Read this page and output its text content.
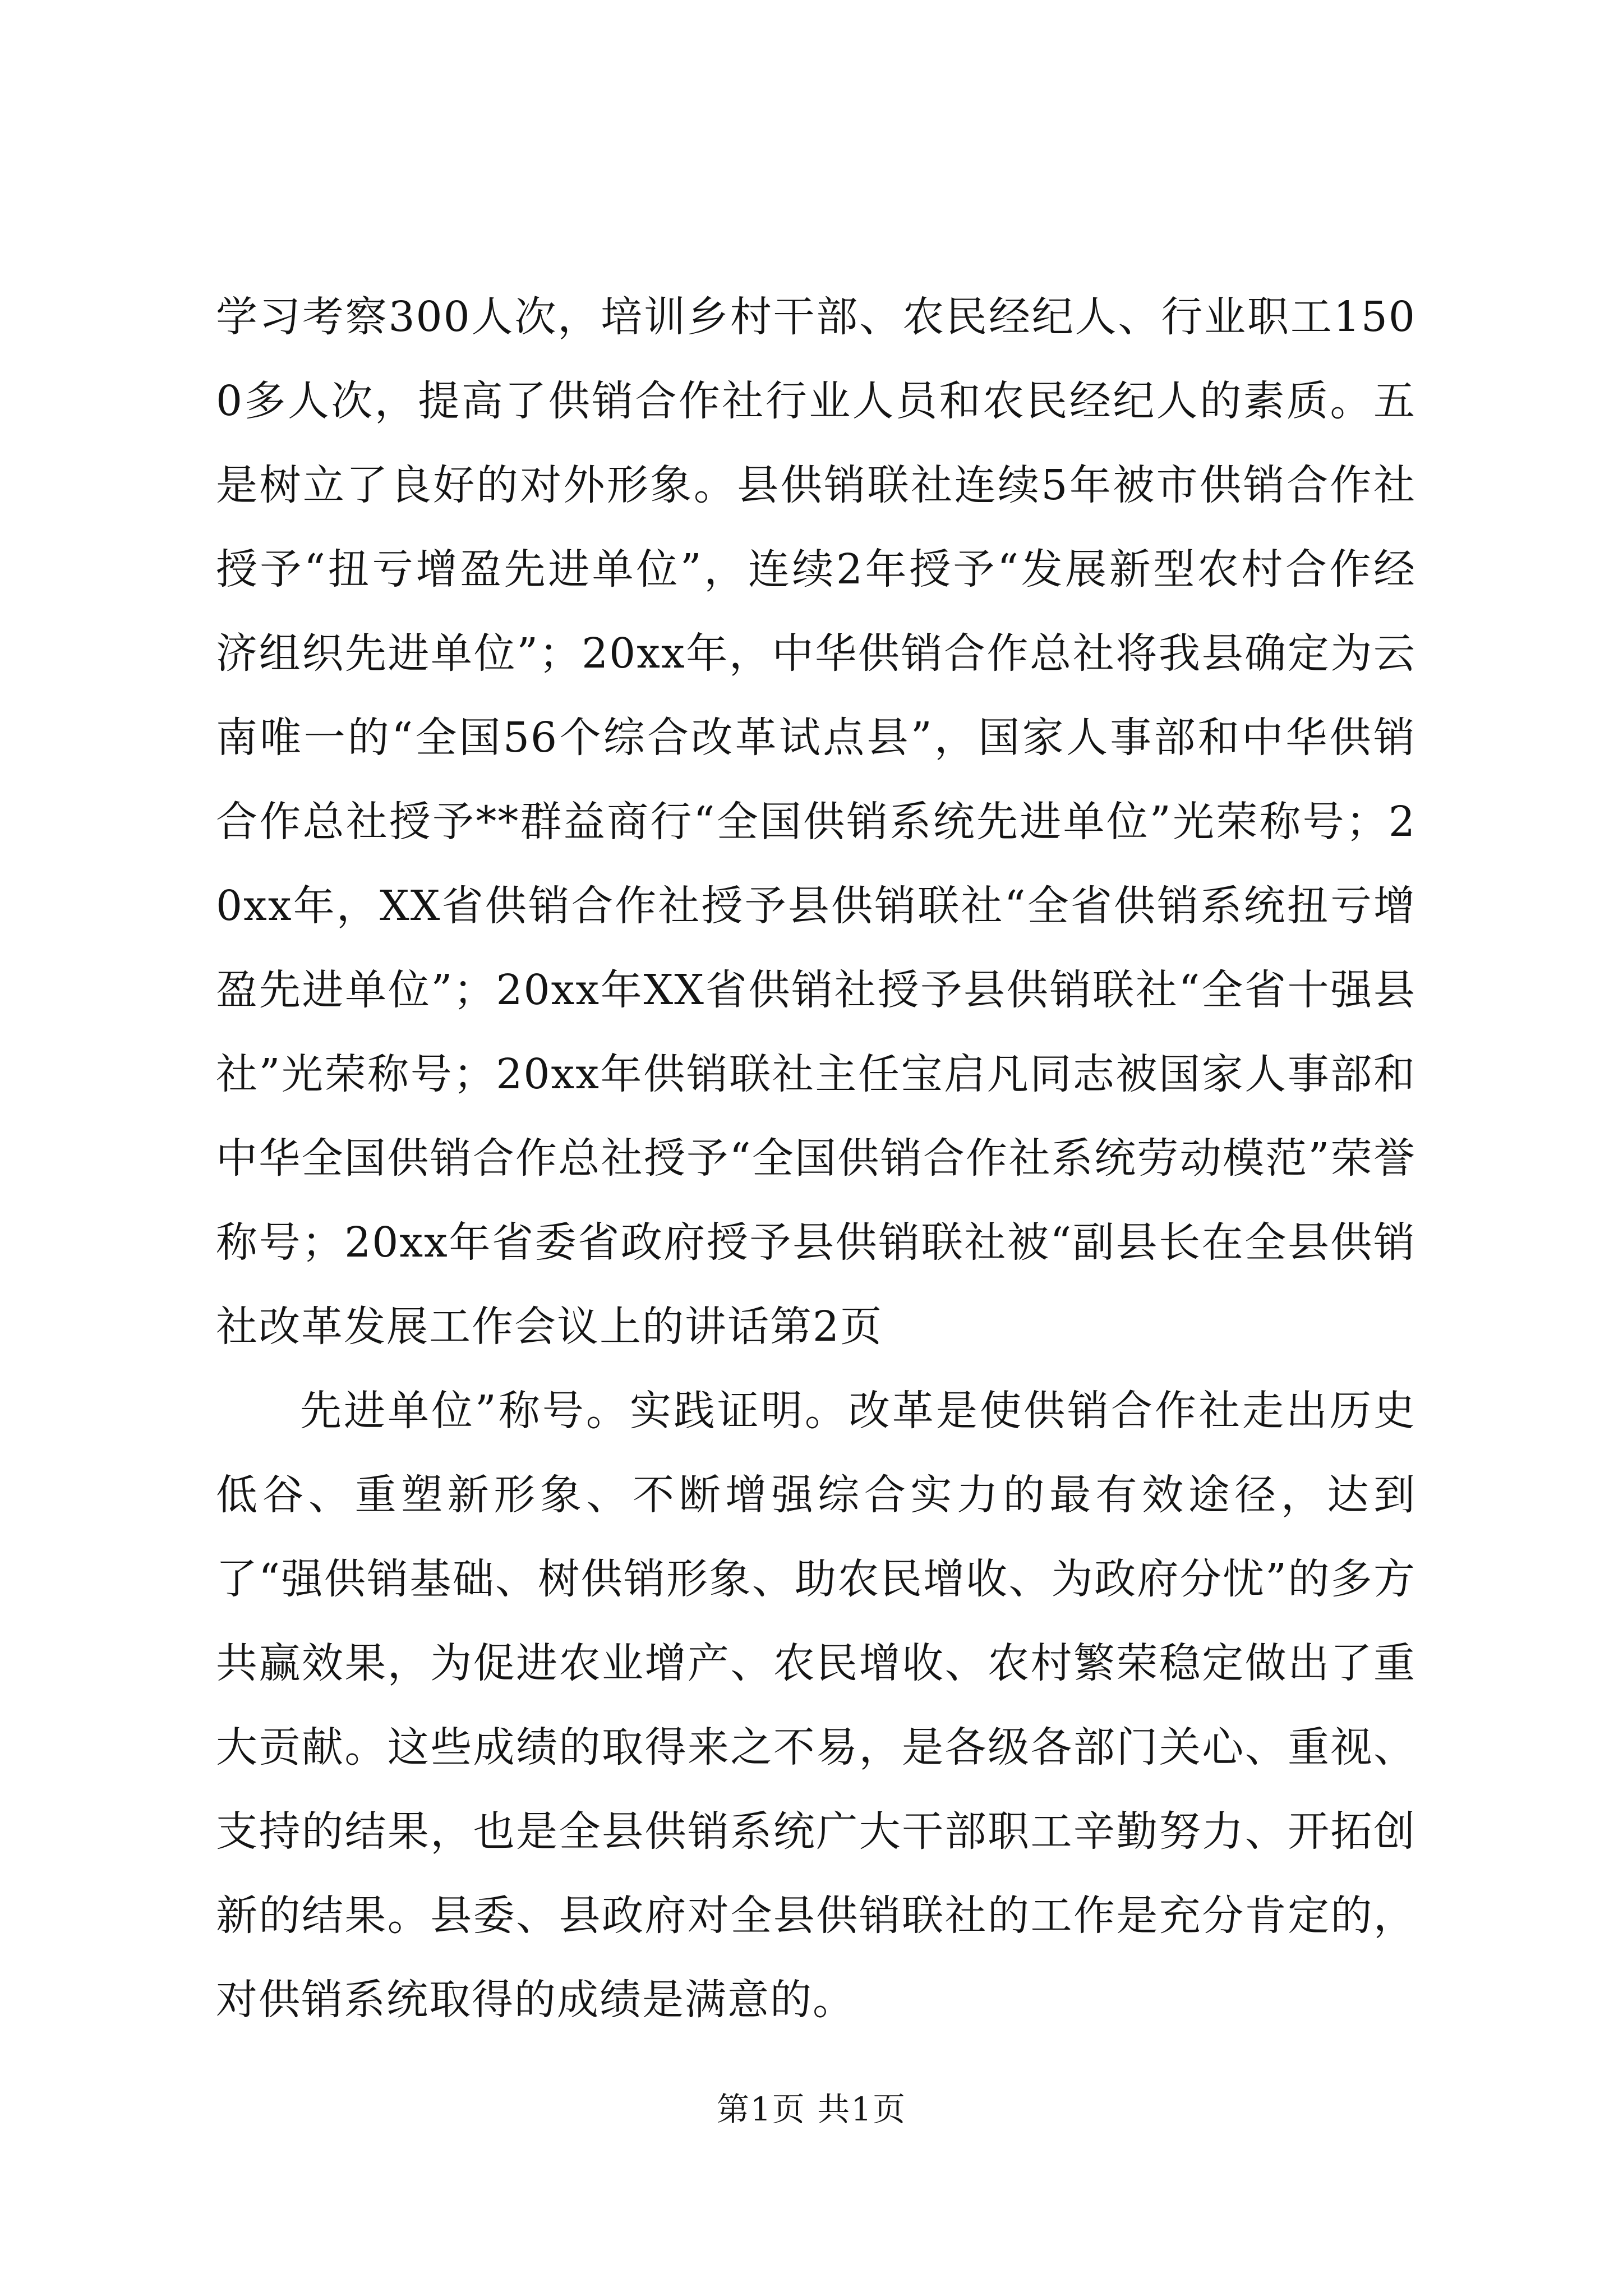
学习考察300人次，培训乡村干部、农民经纪人、行业职工1500多人次，提高了供销合作社行业人员和农民经纪人的素质。五是树立了良好的对外形象。县供销联社连续5年被市供销合作社授予“扭亏增盈先进单位”，连续2年授予“发展新型农村合作经济组织先进单位”；20xx年，中华供销合作总社将我县确定为云南唯一的“全国56个综合改革试点县”，国家人事部和中华供销合作总社授予**群益商行“全国供销系统先进单位”光荣称号；20xx年，XX省供销合作社授予县供销联社“全省供销系统扭亏增盈先进单位”；20xx年XX省供销社授予县供销联社“全省十强县社”光荣称号；20xx年供销联社主任宝启凡同志被国家人事部和中华全国供销合作总社授予“全国供销合作社系统劳动模范”荣誉称号；20xx年省委省政府授予县供销联社被“副县长在全县供销社改革发展工作会议上的讲话第2页

先进单位”称号。实践证明。改革是使供销合作社走出历史低谷、重塑新形象、不断增强综合实力的最有效途径，达到了“强供销基础、树供销形象、助农民增收、为政府分忧”的多方共赢效果，为促进农业增产、农民增收、农村繁荣稳定做出了重大贡献。这些成绩的取得来之不易，是各级各部门关心、重视、支持的结果，也是全县供销系统广大干部职工辛勤努力、开拓创新的结果。县委、县政府对全县供销联社的工作是充分肯定的，对供销系统取得的成绩是满意的。

第1页 共1页
